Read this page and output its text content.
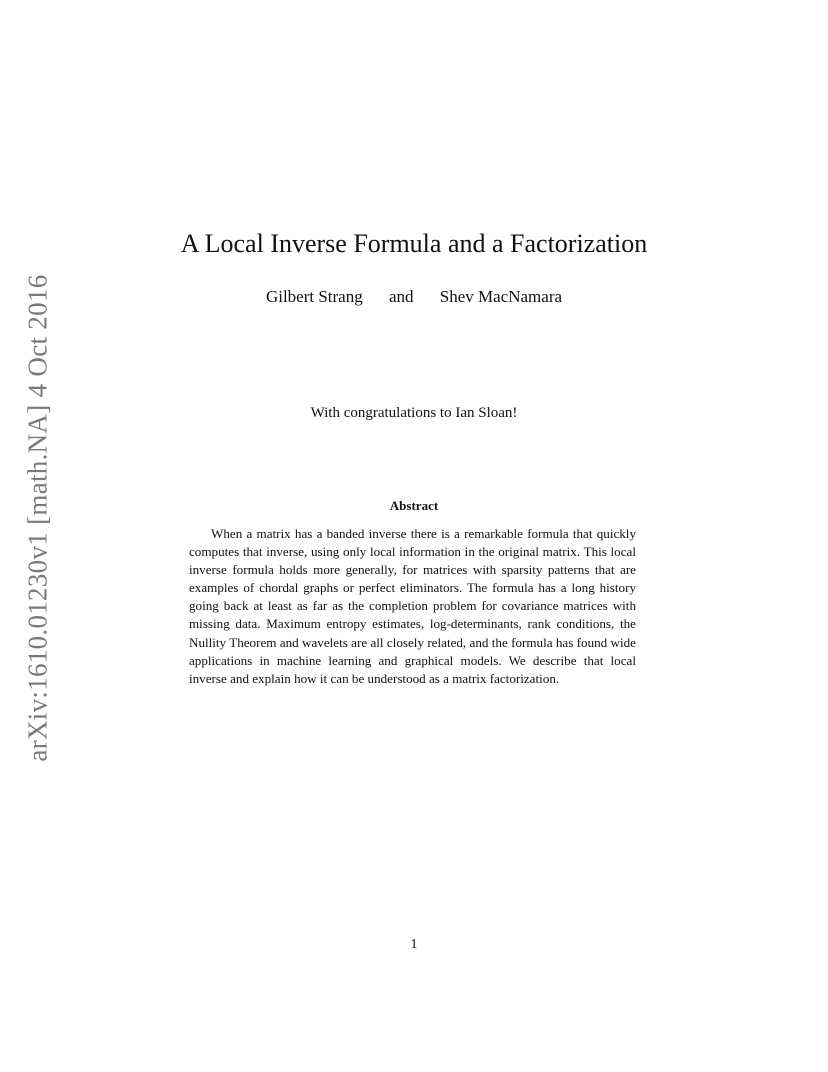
arXiv:1610.01230v1 [math.NA] 4 Oct 2016
A Local Inverse Formula and a Factorization
Gilbert Strang and Shev MacNamara
With congratulations to Ian Sloan!
Abstract
When a matrix has a banded inverse there is a remarkable formula that quickly computes that inverse, using only local information in the original matrix. This local inverse formula holds more generally, for matrices with sparsity patterns that are examples of chordal graphs or perfect eliminators. The formula has a long history going back at least as far as the completion problem for covariance matrices with missing data. Maximum entropy estimates, log-determinants, rank conditions, the Nullity Theorem and wavelets are all closely related, and the formula has found wide applications in machine learning and graphical models. We describe that local inverse and explain how it can be understood as a matrix factorization.
1
